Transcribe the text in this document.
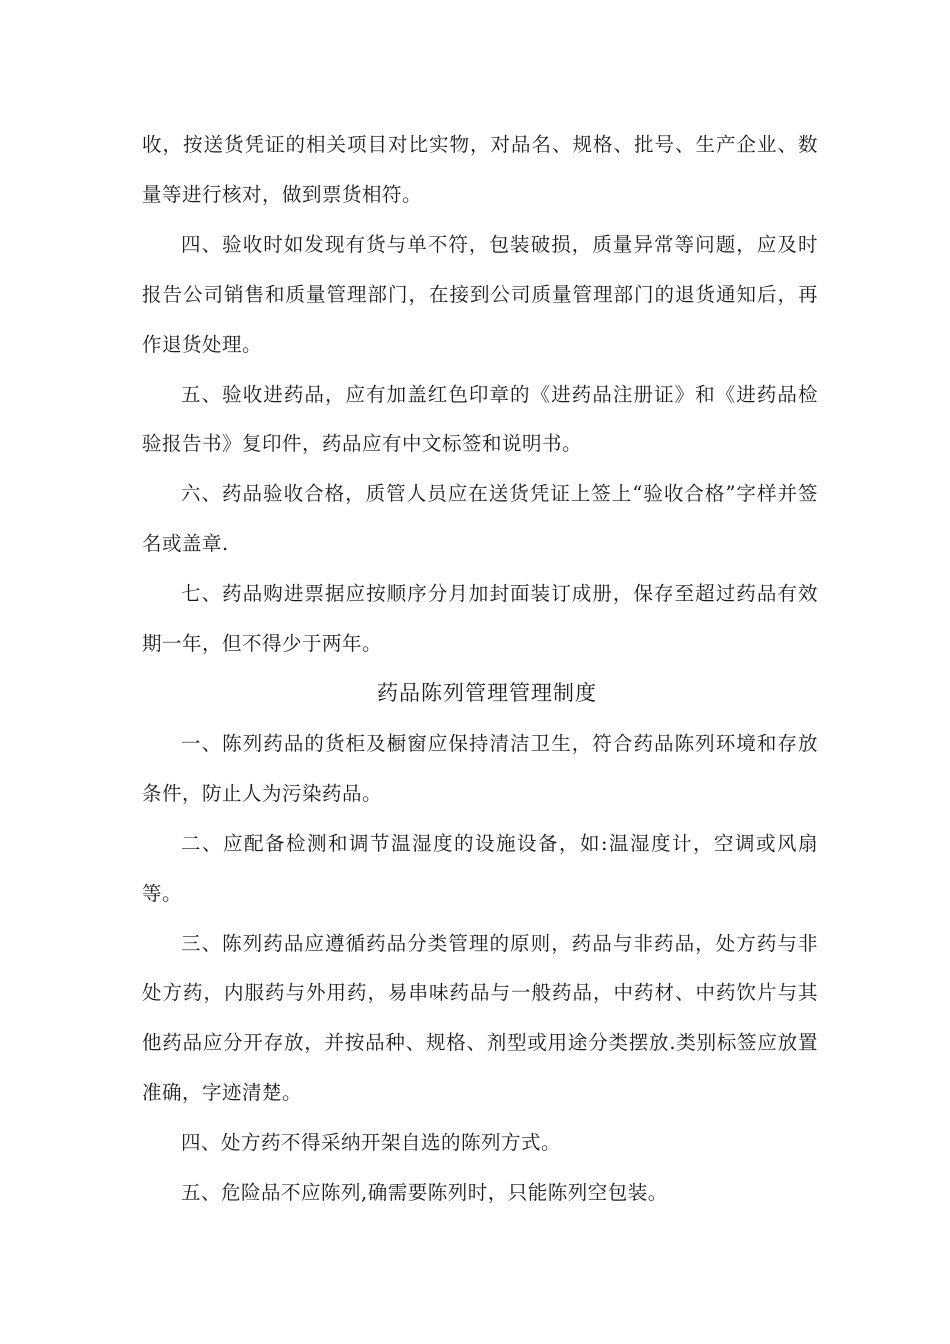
收，按送货凭证的相关项目对比实物，对品名、规格、批号、生产企业、数量等进行核对，做到票货相符。

四、验收时如发现有货与单不符，包装破损，质量异常等问题，应及时报告公司销售和质量管理部门，在接到公司质量管理部门的退货通知后，再作退货处理。

五、验收进药品，应有加盖红色印章的《进药品注册证》和《进药品检验报告书》复印件，药品应有中文标签和说明书。

六、药品验收合格，质管人员应在送货凭证上签上“验收合格”字样并签名或盖章.

七、药品购进票据应按顺序分月加封面装订成册，保存至超过药品有效期一年，但不得少于两年。

药品陈列管理管理制度

一、陈列药品的货柜及橱窗应保持清洁卫生，符合药品陈列环境和存放条件，防止人为污染药品。

二、应配备检测和调节温湿度的设施设备，如:温湿度计，空调或风扇等。

三、陈列药品应遵循药品分类管理的原则，药品与非药品，处方药与非处方药，内服药与外用药，易串味药品与一般药品，中药材、中药饮片与其他药品应分开存放，并按品种、规格、剂型或用途分类摆放.类别标签应放置准确，字迹清楚。

四、处方药不得采纳开架自选的陈列方式。

五、危险品不应陈列,确需要陈列时，只能陈列空包装。
